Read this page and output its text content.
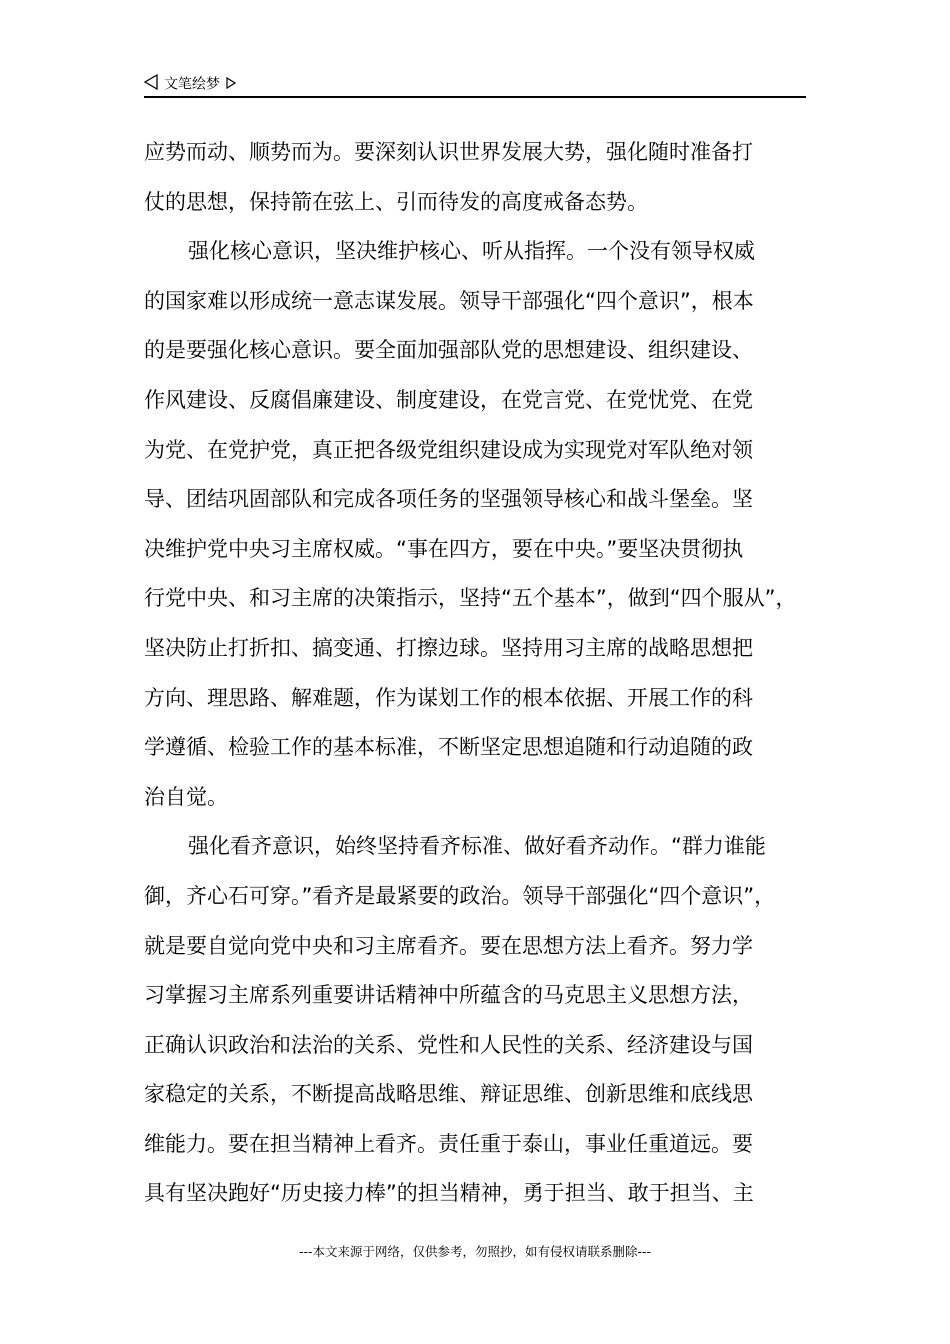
文笔绘梦
应势而动、顺势而为。要深刻认识世界发展大势，强化随时准备打
仗的思想，保持箭在弦上、引而待发的高度戒备态势。
强化核心意识，坚决维护核心、听从指挥。一个没有领导权威
的国家难以形成统一意志谋发展。领导干部强化“四个意识”，根本
的是要强化核心意识。要全面加强部队党的思想建设、组织建设、
作风建设、反腐倡廉建设、制度建设，在党言党、在党忧党、在党
为党、在党护党，真正把各级党组织建设成为实现党对军队绝对领
导、团结巩固部队和完成各项任务的坚强领导核心和战斗堡垒。坚
决维护党中央习主席权威。“事在四方，要在中央。”要坚决贯彻执
行党中央、和习主席的决策指示，坚持“五个基本”，做到“四个服从”，
坚决防止打折扣、搞变通、打擦边球。坚持用习主席的战略思想把
方向、理思路、解难题，作为谋划工作的根本依据、开展工作的科
学遵循、检验工作的基本标准，不断坚定思想追随和行动追随的政
治自觉。
强化看齐意识，始终坚持看齐标准、做好看齐动作。“群力谁能
御，齐心石可穿。”看齐是最紧要的政治。领导干部强化“四个意识”，
就是要自觉向党中央和习主席看齐。要在思想方法上看齐。努力学
习掌握习主席系列重要讲话精神中所蕴含的马克思主义思想方法，
正确认识政治和法治的关系、党性和人民性的关系、经济建设与国
家稳定的关系，不断提高战略思维、辩证思维、创新思维和底线思
维能力。要在担当精神上看齐。责任重于泰山，事业任重道远。要
具有坚决跑好“历史接力棒”的担当精神，勇于担当、敢于担当、主
---本文来源于网络，仅供参考，勿照抄，如有侵权请联系删除---
